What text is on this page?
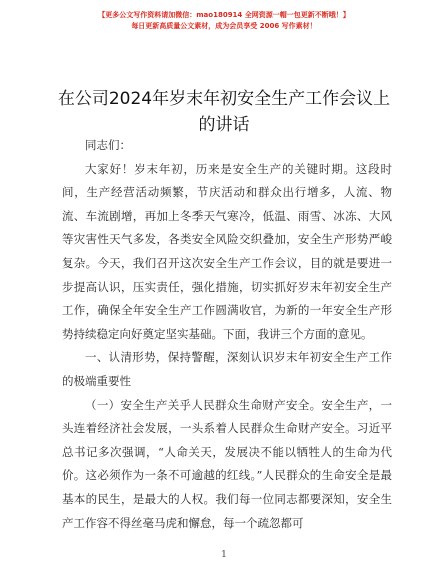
【更多公文写作资料请加微信：mao180914 全网资源一帽一包更新不断哦！】
每日更新高质量公文素材，成为会员享受 2006 写作素材！
在公司2024年岁末年初安全生产工作会议上的讲话

同志们：

大家好！岁末年初，历来是安全生产的关键时期。这段时间，生产经营活动频繁，节庆活动和群众出行增多，人流、物流、车流剧增，再加上冬季天气寒冷，低温、雨雪、冰冻、大风等灾害性天气多发，各类安全风险交织叠加，安全生产形势严峻复杂。今天，我们召开这次安全生产工作会议，目的就是要进一步提高认识，压实责任，强化措施，切实抓好岁末年初安全生产工作，确保全年安全生产工作圆满收官，为新的一年安全生产形势持续稳定向好奠定坚实基础。下面，我讲三个方面的意见。

一、认清形势，保持警醒，深刻认识岁末年初安全生产工作的极端重要性

（一）安全生产关乎人民群众生命财产安全。安全生产，一头连着经济社会发展，一头系着人民群众生命财产安全。习近平总书记多次强调，“人命关天，发展决不能以牺牲人的生命为代价。这必须作为一条不可逾越的红线。”人民群众的生命安全是最基本的民生，是最大的人权。我们每一位同志都要深知，安全生产工作容不得丝毫马虎和懈怠，每一个疏忽都可

1
